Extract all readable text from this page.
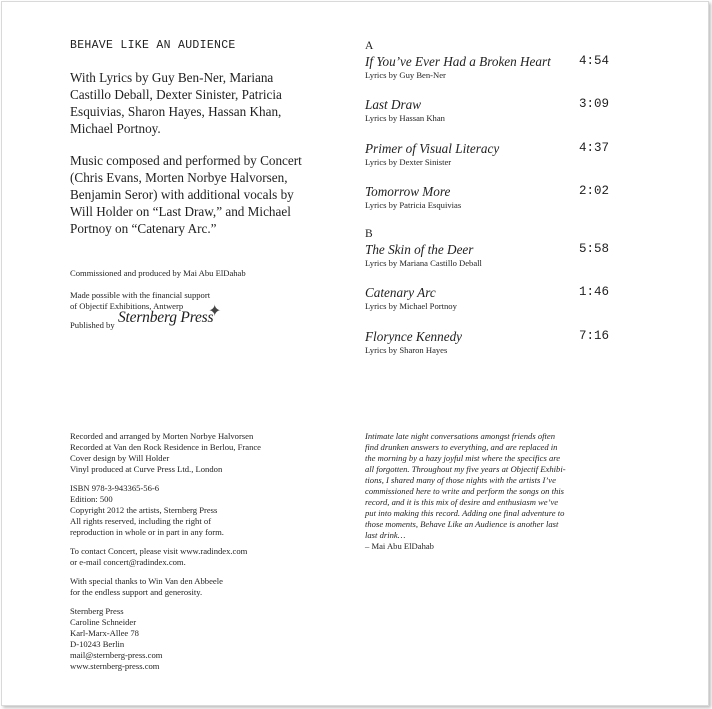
BEHAVE LIKE AN AUDIENCE
With Lyrics by Guy Ben-Ner, Mariana Castillo Deball, Dexter Sinister, Patricia Esquivias, Sharon Hayes, Hassan Khan, Michael Portnoy.
Music composed and performed by Concert (Chris Evans, Morten Norbye Halvorsen, Benjamin Seror) with additional vocals by Will Holder on “Last Draw,” and Michael Portnoy on “Catenary Arc.”
Commissioned and produced by Mai Abu ElDahab
Made possible with the financial support
of Objectif Exhibitions, Antwerp
Published by Sternberg Press
✦
A
If You’ve Ever Had a Broken Heart 4:54
Lyrics by Guy Ben-Ner
Last Draw	3:09
Lyrics by Hassan Khan
Primer of Visual Literacy	4:37
Lyrics by Dexter Sinister
Tomorrow More	2:02
Lyrics by Patricia Esquivias
B
The Skin of the Deer	5:58
Lyrics by Mariana Castillo Deball
Catenary Arc	1:46
Lyrics by Michael Portnoy
Florynce Kennedy	7:16
Lyrics by Sharon Hayes

Recorded and arranged by Morten Norbye Halvorsen
Recorded at Van den Rock Residence in Berlou, France
Cover design by Will Holder
Vinyl produced at Curve Press Ltd., London

ISBN 978-3-943365-56-6
Edition: 500
Copyright 2012 the artists, Sternberg Press
All rights reserved, including the right of
reproduction in whole or in part in any form.

To contact Concert, please visit www.radindex.com
or e-mail concert@radindex.com.

With special thanks to Win Van den Abbeele
for the endless support and generosity.

Sternberg Press
Caroline Schneider
Karl-Marx-Allee 78
D-10243 Berlin
mail@sternberg-press.com
www.sternberg-press.com

Intimate late night conversations amongst friends often
find drunken answers to everything, and are replaced in
the morning by a hazy joyful mist where the specifics are
all forgotten. Throughout my five years at Objectif Exhibi-
tions, I shared many of those nights with the artists I’ve
commissioned here to write and perform the songs on this
record, and it is this mix of desire and enthusiasm we’ve
put into making this record. Adding one final adventure to
those moments, Behave Like an Audience is another last
last drink…
– Mai Abu ElDahab
